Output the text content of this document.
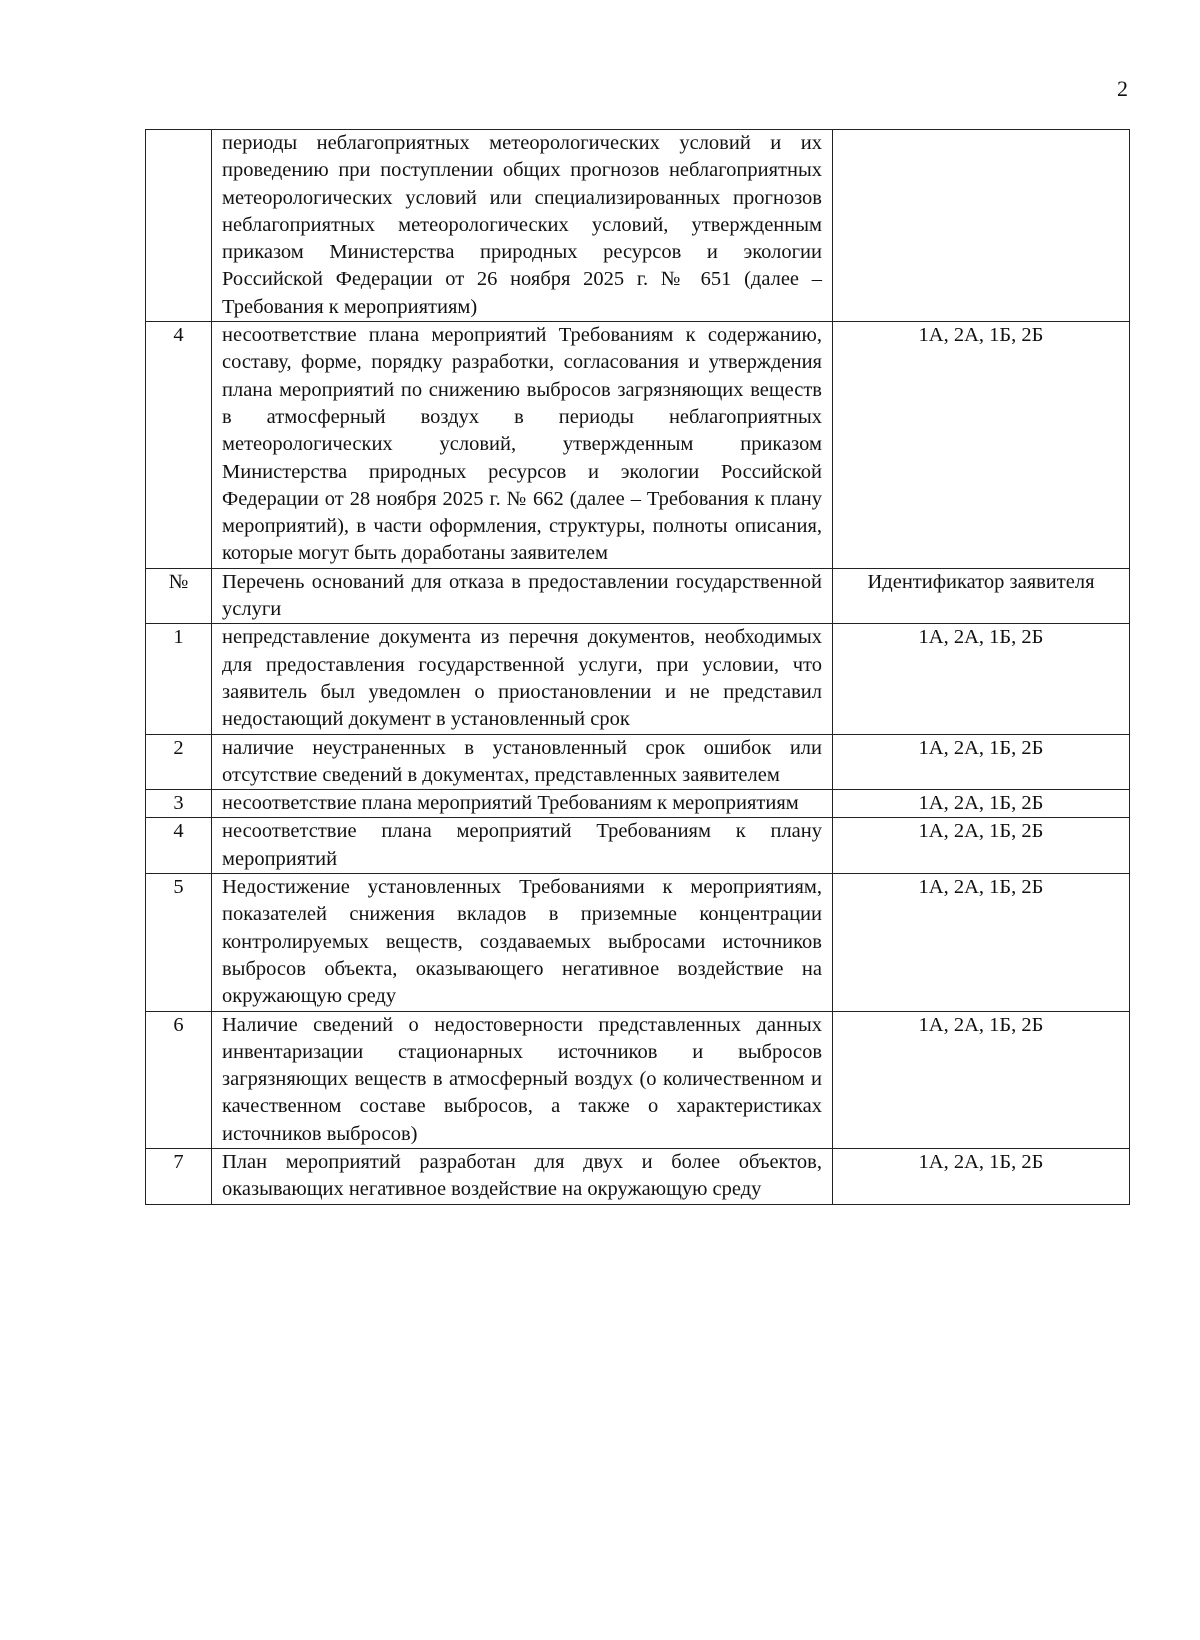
2

	периоды неблагоприятных метеорологических условий и их проведению при поступлении общих прогнозов неблагоприятных метеорологических условий или специализированных прогнозов неблагоприятных метеорологических условий, утвержденным приказом Министерства природных ресурсов и экологии Российской Федерации от 26 ноября 2025 г. № 651 (далее – Требования к мероприятиям)	

4	несоответствие плана мероприятий Требованиям к содержанию, составу, форме, порядку разработки, согласования и утверждения плана мероприятий по снижению выбросов загрязняющих веществ в атмосферный воздух в периоды неблагоприятных метеорологических условий, утвержденным приказом Министерства природных ресурсов и экологии Российской Федерации от 28 ноября 2025 г. № 662 (далее – Требования к плану мероприятий), в части оформления, структуры, полноты описания, которые могут быть доработаны заявителем	1А, 2А, 1Б, 2Б
№	Перечень оснований для отказа в предоставлении государственной услуги	Идентификатор заявителя
1	непредставление документа из перечня документов, необходимых для предоставления государственной услуги, при условии, что заявитель был уведомлен о приостановлении и не представил недостающий документ в установленный срок	1А, 2А, 1Б, 2Б
2	наличие неустраненных в установленный срок ошибок или отсутствие сведений в документах, представленных заявителем	1А, 2А, 1Б, 2Б
3	несоответствие плана мероприятий Требованиям к мероприятиям	1А, 2А, 1Б, 2Б
4	несоответствие плана мероприятий Требованиям к плану мероприятий	1А, 2А, 1Б, 2Б
5	Недостижение установленных Требованиями к мероприятиям, показателей снижения вкладов в приземные концентрации контролируемых веществ, создаваемых выбросами источников выбросов объекта, оказывающего негативное воздействие на окружающую среду	1А, 2А, 1Б, 2Б
6	Наличие сведений о недостоверности представленных данных инвентаризации стационарных источников и выбросов загрязняющих веществ в атмосферный воздух (о количественном и качественном составе выбросов, а также о характеристиках источников выбросов)	1А, 2А, 1Б, 2Б
7	План мероприятий разработан для двух и более объектов, оказывающих негативное воздействие на окружающую среду	1А, 2А, 1Б, 2Б
